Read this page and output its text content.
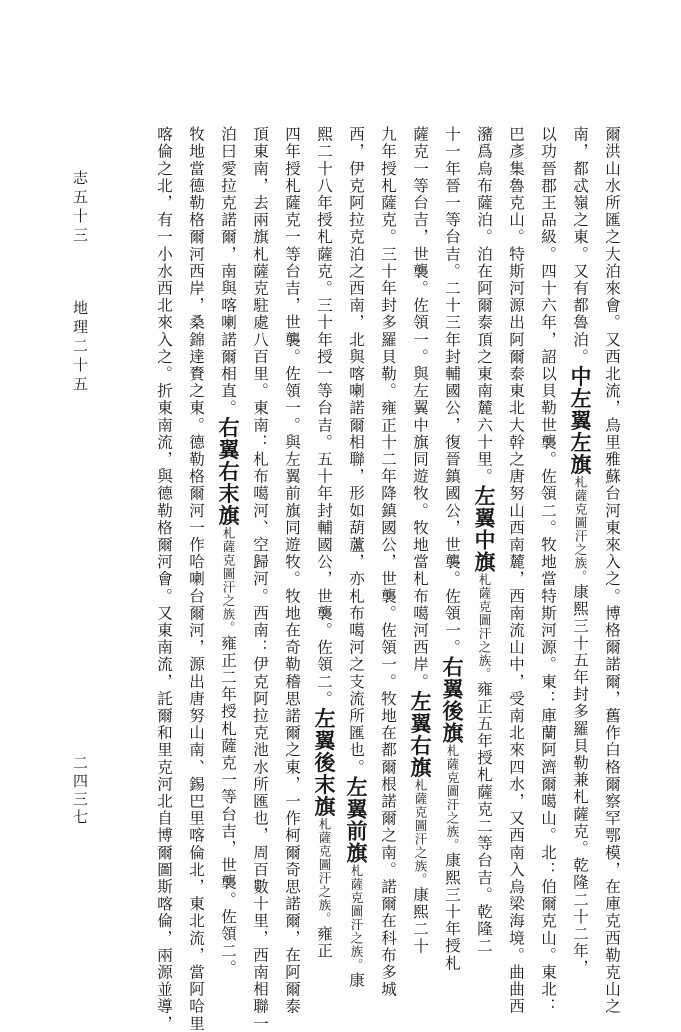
爾洪山水所匯之大泊來會。又西北流，烏里雅蘇台河東來入之。博格爾諾爾，舊作白格爾察罕鄂模，在庫克西勒克山之
南，都忒嶺之東。又有都魯泊。中左翼左旗札薩克圖汗之族。康熙三十五年封多羅貝勒兼札薩克。乾隆二十二年，
以功晉郡王品級。四十六年，詔以貝勒世襲。佐領二。牧地當特斯河源。東：庫蘭阿濟爾噶山。北：伯爾克山。東北：
巴彥集魯克山。特斯河源出阿爾泰東北大幹之唐努山西南麓，西南流山中，受南北來四水，又西南入烏梁海境。曲曲西
瀦爲烏布薩泊。泊在阿爾泰頂之東南麓六十里。左翼中旗札薩克圖汗之族。雍正五年授札薩克二等台吉。乾隆二
十一年晉一等台吉。二十三年封輔國公，復晉鎮國公，世襲。佐領一。右翼後旗札薩克圖汗之族。康熙三十年授札
薩克一等台吉，世襲。佐領一。與左翼中旗同遊牧。牧地當札布噶河西岸。左翼右旗札薩克圖汗之族。康熙二十
九年授札薩克。三十年封多羅貝勒。雍正十二年降鎮國公，世襲。佐領一。牧地在都爾根諾爾之南。諾爾在科布多城
西，伊克阿拉克泊之西南，北與喀喇諾爾相聯，形如葫蘆，亦札布噶河之支流所匯也。左翼前旗札薩克圖汗之族。康
熙二十八年授札薩克。三十年授一等台吉。五十年封輔國公，世襲。佐領二。左翼後末旗札薩克圖汗之族。雍正
四年授札薩克一等台吉，世襲。佐領一。與左翼前旗同遊牧。牧地在奇勒稽思諾爾之東，一作柯爾奇思諾爾，在阿爾泰
頂東南，去兩旗札薩克駐處八百里。東南：札布噶河、空歸河。西南：伊克阿拉克池水所匯也，周百數十里，西南相聯一
泊曰愛拉克諾爾，南與喀喇諾爾相直。右翼右末旗札薩克圖汗之族。雍正二年授札薩克一等台吉，世襲。佐領二。
牧地當德勒格爾河西岸，桑錦達賚之東。德勒格爾河一作哈喇台爾河，源出唐努山南、錫巴里喀倫北，東北流，當阿哈里
喀倫之北，有一小水西北來入之。折東南流，與德勒格爾河會。又東南流，託爾和里克河北自博爾圖斯喀倫，兩源並導，
志五十三
地理二十五
二四三七
